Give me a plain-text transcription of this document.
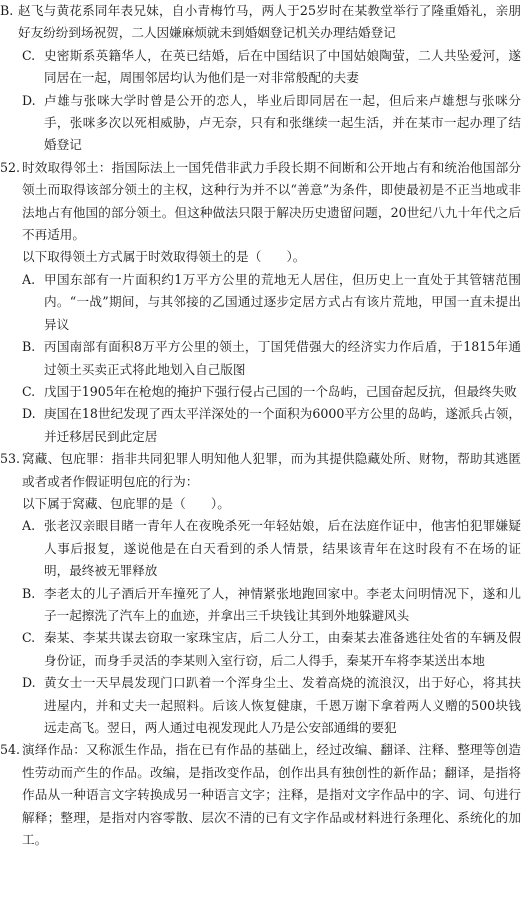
B. 赵飞与黄花系同年表兄妹，自小青梅竹马，两人于25岁时在某教堂举行了隆重婚礼，亲朋好友纷纷到场祝贺，二人因嫌麻烦就未到婚姻登记机关办理结婚登记

C. 史密斯系英籍华人，在英已结婚，后在中国结识了中国姑娘陶萤，二人共坠爱河，遂同居在一起，周围邻居均认为他们是一对非常般配的夫妻

D. 卢雄与张咪大学时曾是公开的恋人，毕业后即同居在一起，但后来卢雄想与张咪分手，张咪多次以死相威胁，卢无奈，只有和张继续一起生活，并在某市一起办理了结婚登记

52. 时效取得邻土：指国际法上一国凭借非武力手段长期不间断和公开地占有和统治他国部分领土而取得该部分领土的主权，这种行为并不以“善意”为条件，即使最初是不正当地或非法地占有他国的部分领土。但这种做法只限于解决历史遗留问题，20世纪八九十年代之后不再适用。

以下取得领土方式属于时效取得领土的是（　　）。

A. 甲国东部有一片面积约1万平方公里的荒地无人居住，但历史上一直处于其管辖范围内。“一战”期间，与其邻接的乙国通过逐步定居方式占有该片荒地，甲国一直未提出异议

B. 丙国南部有面积8万平方公里的领土，丁国凭借强大的经济实力作后盾，于1815年通过领土买卖正式将此地划入自己版图

C. 戊国于1905年在枪炮的掩护下强行侵占己国的一个岛屿，己国奋起反抗，但最终失败

D. 庚国在18世纪发现了西太平洋深处的一个面积为6000平方公里的岛屿，遂派兵占领，并迁移居民到此定居

53. 窝藏、包庇罪：指非共同犯罪人明知他人犯罪，而为其提供隐藏处所、财物，帮助其逃匿或者或者作假证明包庇的行为：

以下属于窝藏、包庇罪的是（　　）。

A. 张老汉亲眼目睹一青年人在夜晚杀死一年轻姑娘，后在法庭作证中，他害怕犯罪嫌疑人事后报复，遂说他是在白天看到的杀人情景，结果该青年在这时段有不在场的证明，最终被无罪释放

B. 李老太的儿子酒后开车撞死了人，神情紧张地跑回家中。李老太问明情况下，遂和儿子一起擦洗了汽车上的血迹，并拿出三千块钱让其到外地躲避风头

C. 秦某、李某共谋去窃取一家珠宝店，后二人分工，由秦某去准备逃往处省的车辆及假身份证，而身手灵活的李某则入室行窃，后二人得手，秦某开车将李某送出本地

D. 黄女士一天早晨发现门口趴着一个浑身尘土、发着高烧的流浪汉，出于好心，将其扶进屋内，并和丈夫一起照料。后该人恢复健康，千恩万谢下拿着两人义赠的500块钱远走高飞。翌日，两人通过电视发现此人乃是公安部通缉的要犯

54. 演绎作品：又称派生作品，指在已有作品的基础上，经过改编、翻译、注释、整理等创造性劳动而产生的作品。改编，是指改变作品，创作出具有独创性的新作品；翻译，是指将作品从一种语言文字转换成另一种语言文字；注释，是指对文字作品中的字、词、句进行解释；整理，是指对内容零散、层次不清的已有文字作品或材料进行条理化、系统化的加工。
